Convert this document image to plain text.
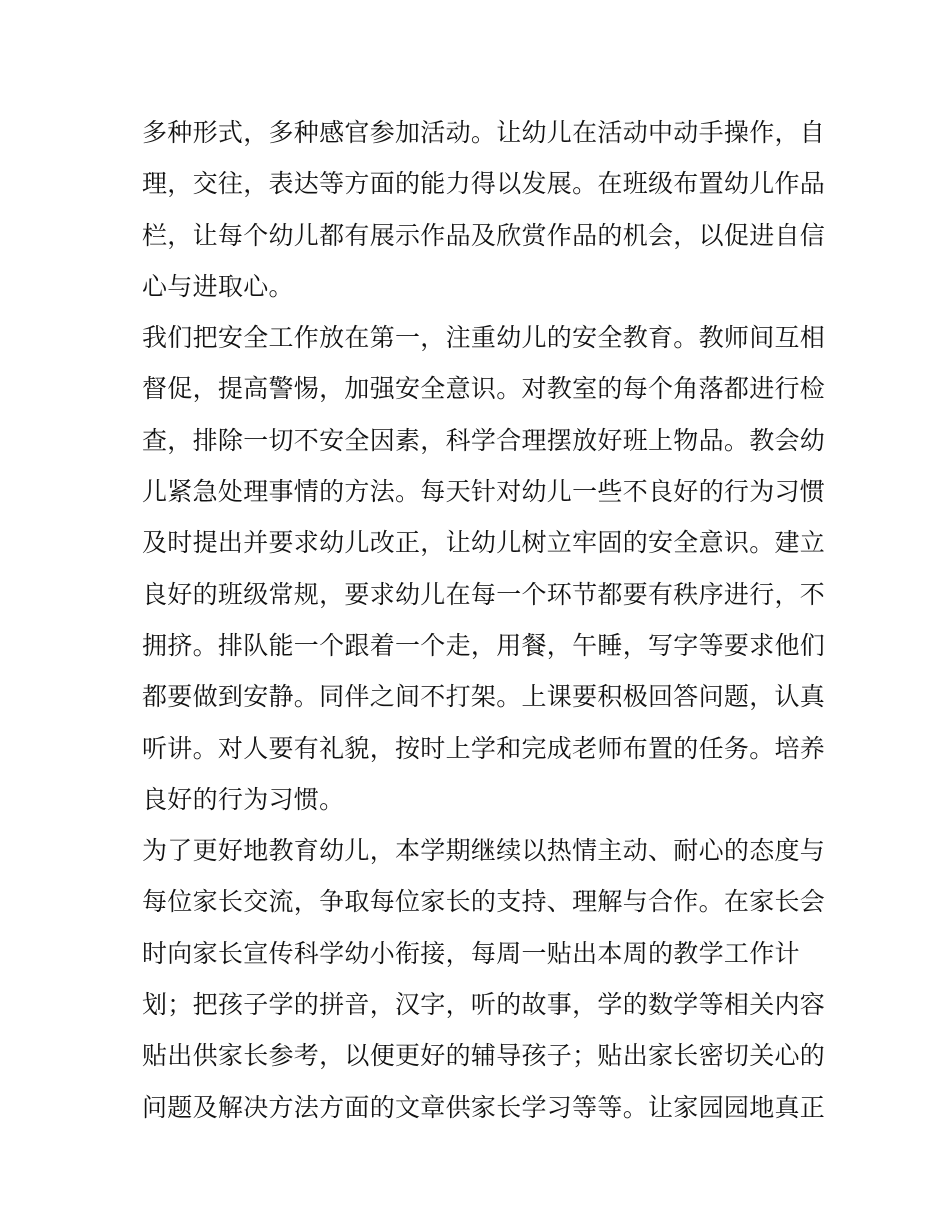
多种形式，多种感官参加活动。让幼儿在活动中动手操作，自
理，交往，表达等方面的能力得以发展。在班级布置幼儿作品
栏，让每个幼儿都有展示作品及欣赏作品的机会，以促进自信
心与进取心。
我们把安全工作放在第一，注重幼儿的安全教育。教师间互相
督促，提高警惕，加强安全意识。对教室的每个角落都进行检
查，排除一切不安全因素，科学合理摆放好班上物品。教会幼
儿紧急处理事情的方法。每天针对幼儿一些不良好的行为习惯
及时提出并要求幼儿改正，让幼儿树立牢固的安全意识。建立
良好的班级常规，要求幼儿在每一个环节都要有秩序进行，不
拥挤。排队能一个跟着一个走，用餐，午睡，写字等要求他们
都要做到安静。同伴之间不打架。上课要积极回答问题，认真
听讲。对人要有礼貌，按时上学和完成老师布置的任务。培养
良好的行为习惯。
为了更好地教育幼儿，本学期继续以热情主动、耐心的态度与
每位家长交流，争取每位家长的支持、理解与合作。在家长会
时向家长宣传科学幼小衔接，每周一贴出本周的教学工作计
划；把孩子学的拼音，汉字，听的故事，学的数学等相关内容
贴出供家长参考，以便更好的辅导孩子；贴出家长密切关心的
问题及解决方法方面的文章供家长学习等等。让家园园地真正
